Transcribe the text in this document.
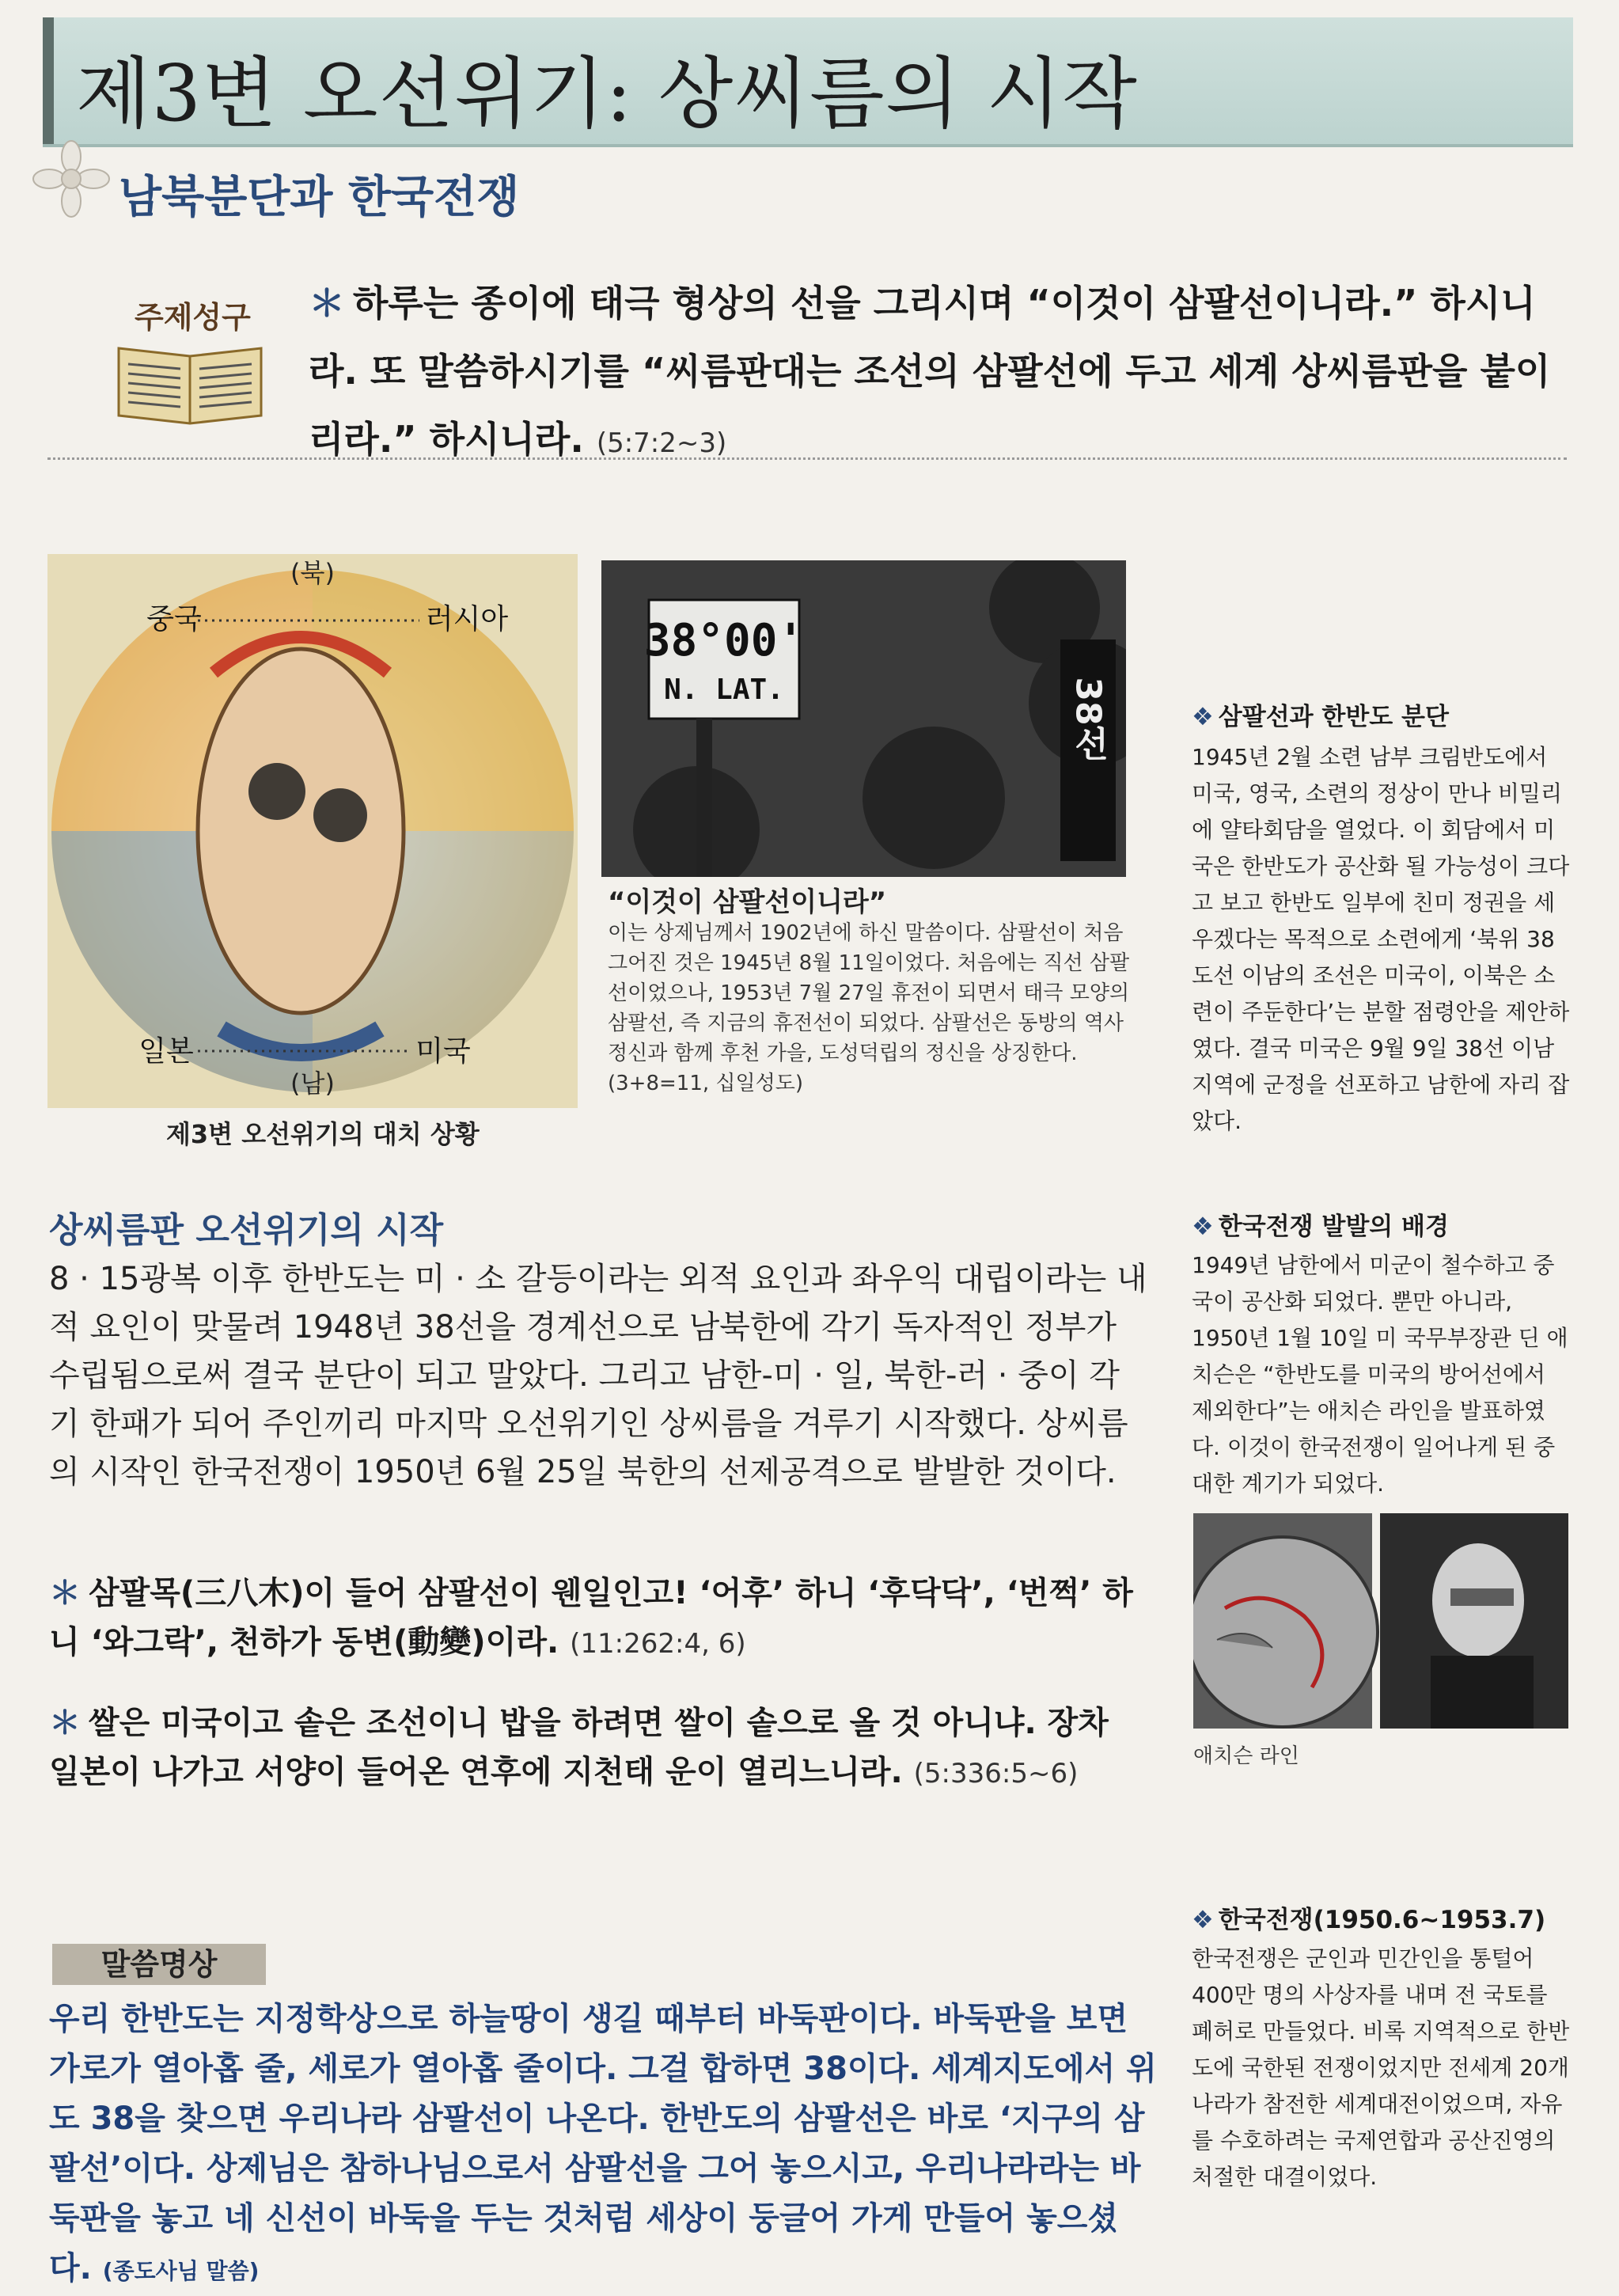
제3변 오선위기: 상씨름의 시작
남북분단과 한국전쟁
주제성구 ＊ 하루는 종이에 태극 형상의 선을 그리시며 “이것이 삼팔선이니라.” 하시니라. 또 말씀하시기를 “씨름판대는 조선의 삼팔선에 두고 세계 상씨름판을 붙이리라.” 하시니라. (5:7:2~3)
(북)
중국	러시아
일본	미국
(남)
제3변 오선위기의 대치 상황
38°00'
N. LAT.	38선
“이것이 삼팔선이니라”
이는 상제님께서 1902년에 하신 말씀이다. 삼팔선이 처음 그어진 것은 1945년 8월 11일이었다. 처음에는 직선 삼팔선이었으나, 1953년 7월 27일 휴전이 되면서 태극 모양의 삼팔선, 즉 지금의 휴전선이 되었다. 삼팔선은 동방의 역사 정신과 함께 후천 가을, 도성덕립의 정신을 상징한다. (3+8=11, 십일성도)
상씨름판 오선위기의 시작
8 · 15광복 이후 한반도는 미 · 소 갈등이라는 외적 요인과 좌우익 대립이라는 내적 요인이 맞물려 1948년 38선을 경계선으로 남북한에 각기 독자적인 정부가 수립됨으로써 결국 분단이 되고 말았다. 그리고 남한-미 · 일, 북한-러 · 중이 각기 한패가 되어 주인끼리 마지막 오선위기인 상씨름을 겨루기 시작했다. 상씨름의 시작인 한국전쟁이 1950년 6월 25일 북한의 선제공격으로 발발한 것이다.
＊ 삼팔목(三八木)이 들어 삼팔선이 웬일인고! ‘어후’ 하니 ‘후닥닥’, ‘번쩍’ 하니 ‘와그락’, 천하가 동변(動變)이라. (11:262:4, 6)
＊ 쌀은 미국이고 솥은 조선이니 밥을 하려면 쌀이 솥으로 올 것 아니냐. 장차 일본이 나가고 서양이 들어온 연후에 지천태 운이 열리느니라. (5:336:5~6)
말씀명상
우리 한반도는 지정학상으로 하늘땅이 생길 때부터 바둑판이다. 바둑판을 보면 가로가 열아홉 줄, 세로가 열아홉 줄이다. 그걸 합하면 38이다. 세계지도에서 위도 38을 찾으면 우리나라 삼팔선이 나온다. 한반도의 삼팔선은 바로 ‘지구의 삼팔선’이다. 상제님은 참하나님으로서 삼팔선을 그어 놓으시고, 우리나라라는 바둑판을 놓고 네 신선이 바둑을 두는 것처럼 세상이 둥글어 가게 만들어 놓으셨다. (종도사님 말씀)
❖ 삼팔선과 한반도 분단
1945년 2월 소련 남부 크림반도에서 미국, 영국, 소련의 정상이 만나 비밀리에 얄타회담을 열었다. 이 회담에서 미국은 한반도가 공산화 될 가능성이 크다고 보고 한반도 일부에 친미 정권을 세우겠다는 목적으로 소련에게 ‘북위 38도선 이남의 조선은 미국이, 이북은 소련이 주둔한다’는 분할 점령안을 제안하였다. 결국 미국은 9월 9일 38선 이남 지역에 군정을 선포하고 남한에 자리 잡았다.
❖ 한국전쟁 발발의 배경
1949년 남한에서 미군이 철수하고 중국이 공산화 되었다. 뿐만 아니라, 1950년 1월 10일 미 국무부장관 딘 애치슨은 “한반도를 미국의 방어선에서 제외한다”는 애치슨 라인을 발표하였다. 이것이 한국전쟁이 일어나게 된 중대한 계기가 되었다.
애치슨 라인
❖ 한국전쟁(1950.6~1953.7)
한국전쟁은 군인과 민간인을 통털어 400만 명의 사상자를 내며 전 국토를 폐허로 만들었다. 비록 지역적으로 한반도에 국한된 전쟁이었지만 전세계 20개 나라가 참전한 세계대전이었으며, 자유를 수호하려는 국제연합과 공산진영의 처절한 대결이었다.
